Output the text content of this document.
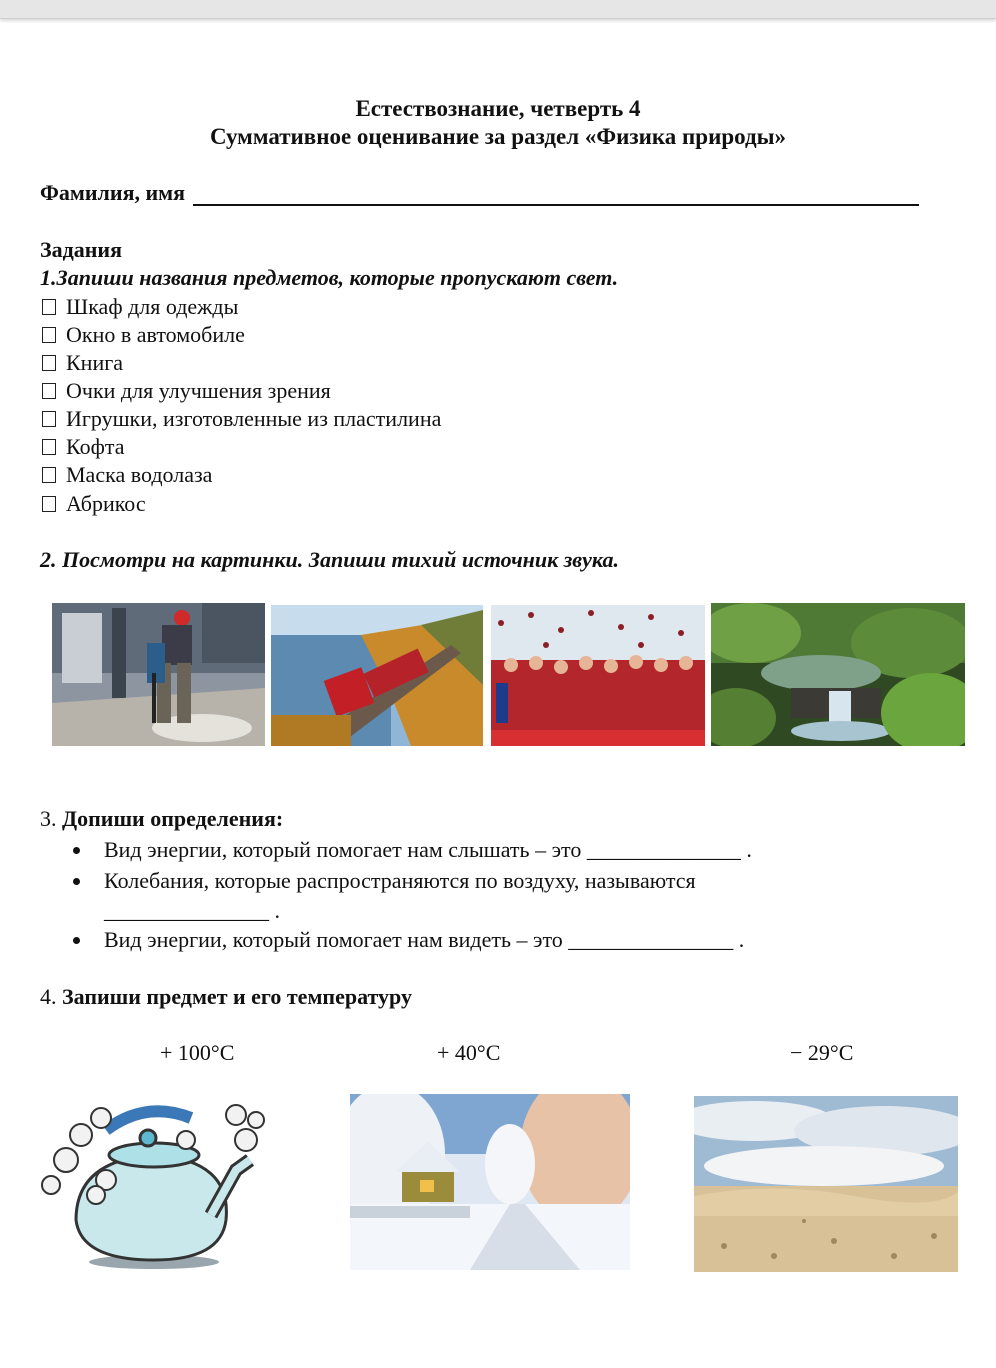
Естествознание, четверть 4
Суммативное оценивание за раздел «Физика природы»
Фамилия, имя
Задания
1.Запиши названия предметов, которые пропускают свет.
Шкаф для одежды
Окно в автомобиле
Книга
Очки для улучшения зрения
Игрушки, изготовленные из пластилина
Кофта
Маска водолаза
Абрикос
2. Посмотри на картинки. Запиши тихий источник звука.
3. Допиши определения:
Вид энергии, который помогает нам слышать – это ______________ .
Колебания, которые распространяются по воздуху, называются
_______________ .
Вид энергии, который помогает нам видеть – это _______________ .
4. Запиши предмет и его температуру
+ 100°C	+ 40°C	− 29°C
